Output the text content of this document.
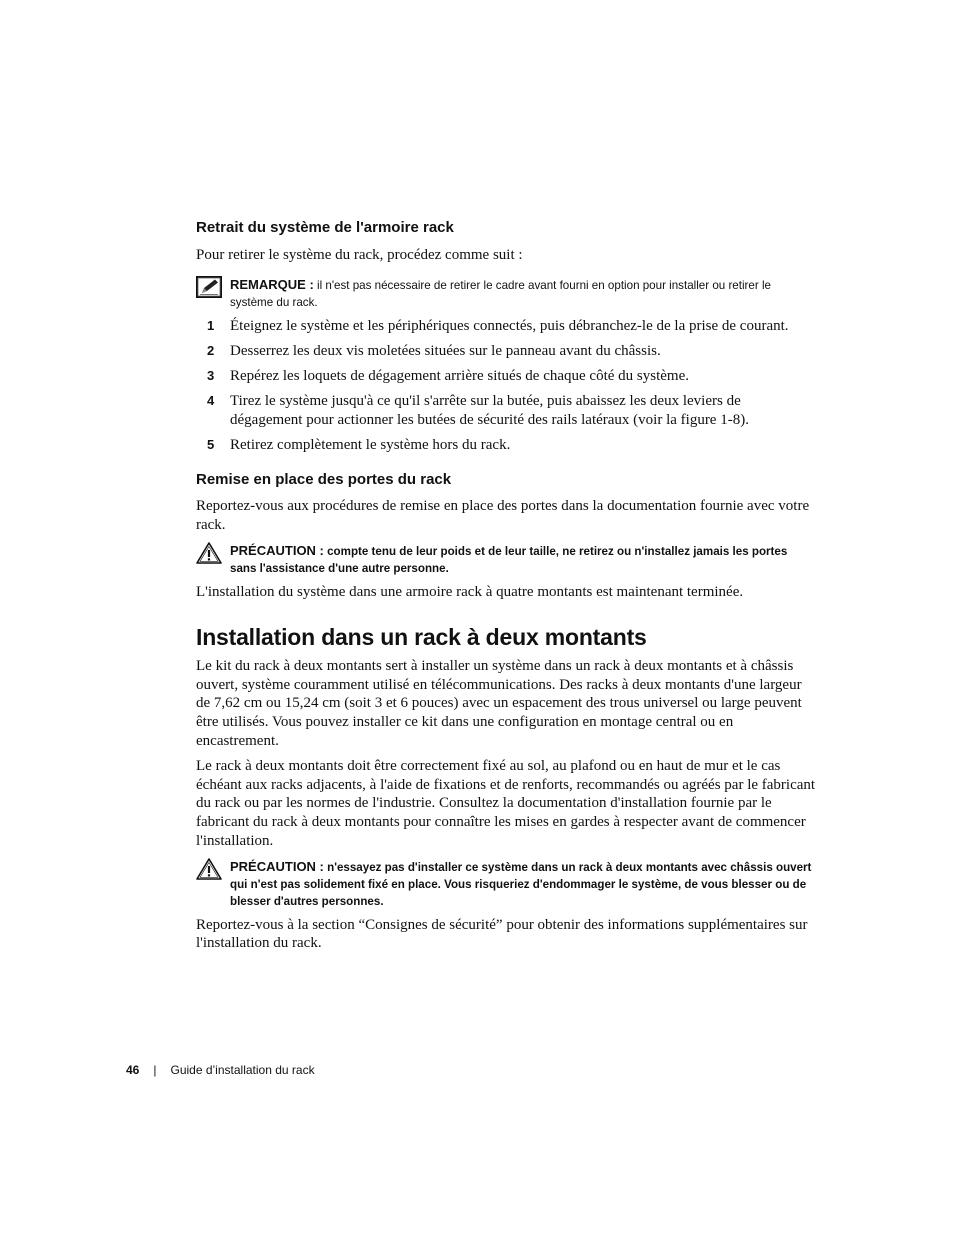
Retrait du système de l'armoire rack

Pour retirer le système du rack, procédez comme suit :

REMARQUE : il n'est pas nécessaire de retirer le cadre avant fourni en option pour installer ou retirer le système du rack.
1 Éteignez le système et les périphériques connectés, puis débranchez-le de la prise de courant.
2 Desserrez les deux vis moletées situées sur le panneau avant du châssis.
3 Repérez les loquets de dégagement arrière situés de chaque côté du système.
4 Tirez le système jusqu'à ce qu'il s'arrête sur la butée, puis abaissez les deux leviers de dégagement pour actionner les butées de sécurité des rails latéraux (voir la figure 1-8).
5 Retirez complètement le système hors du rack.
Remise en place des portes du rack

Reportez-vous aux procédures de remise en place des portes dans la documentation fournie avec votre rack.

PRÉCAUTION : compte tenu de leur poids et de leur taille, ne retirez ou n'installez jamais les portes sans l'assistance d'une autre personne.

L'installation du système dans une armoire rack à quatre montants est maintenant terminée.

Installation dans un rack à deux montants

Le kit du rack à deux montants sert à installer un système dans un rack à deux montants et à châssis ouvert, système couramment utilisé en télécommunications. Des racks à deux montants d'une largeur de 7,62 cm ou 15,24 cm (soit 3 et 6 pouces) avec un espacement des trous universel ou large peuvent être utilisés. Vous pouvez installer ce kit dans une configuration en montage central ou en encastrement.

Le rack à deux montants doit être correctement fixé au sol, au plafond ou en haut de mur et le cas échéant aux racks adjacents, à l'aide de fixations et de renforts, recommandés ou agréés par le fabricant du rack ou par les normes de l'industrie. Consultez la documentation d'installation fournie par le fabricant du rack à deux montants pour connaître les mises en gardes à respecter avant de commencer l'installation.

PRÉCAUTION : n'essayez pas d'installer ce système dans un rack à deux montants avec châssis ouvert qui n'est pas solidement fixé en place. Vous risqueriez d'endommager le système, de vous blesser ou de blesser d'autres personnes.

Reportez-vous à la section “Consignes de sécurité” pour obtenir des informations supplémentaires sur l'installation du rack.

46 | Guide d’installation du rack
